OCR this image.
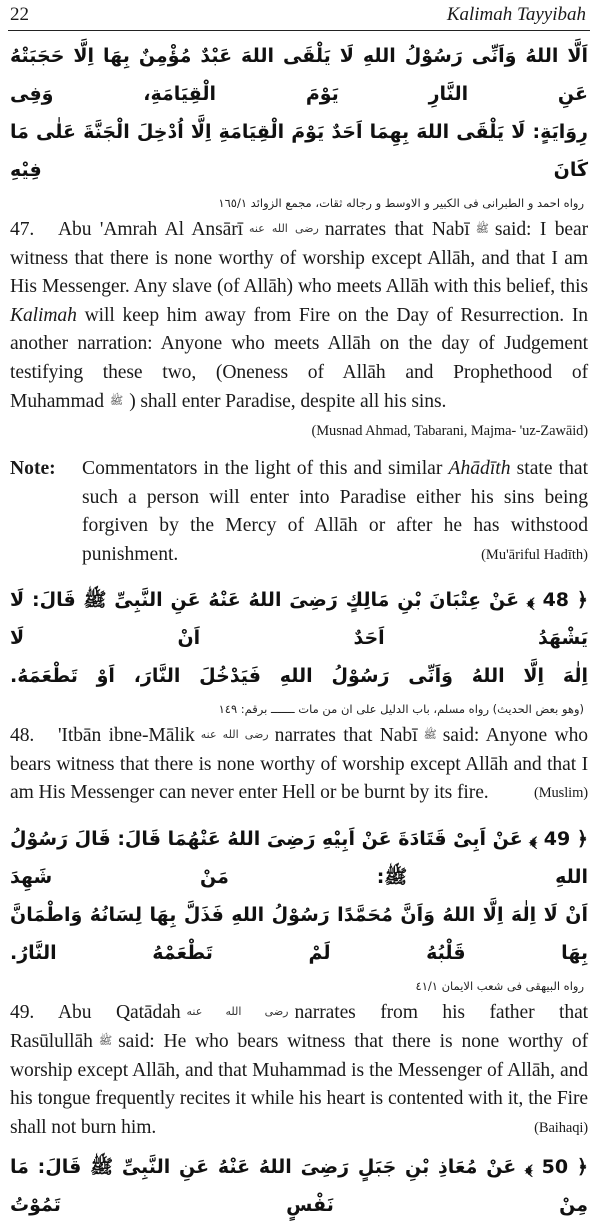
22	Kalimah Tayyibah
اَلَّا اللهُ وَاَنِّی رَسُوْلُ اللهِ لَا یَلْقَی اللهَ عَبْدٌ مُؤْمِنٌ بِهَا اِلَّا حَجَبَتْهُ عَنِ النَّارِ یَوْمَ الْقِیَامَةِ، وَفِی
رِوَایَةٍ: لَا یَلْقَی اللهَ بِهِمَا اَحَدٌ یَوْمَ الْقِیَامَةِ اِلَّا اُدْخِلَ الْجَنَّةَ عَلٰی مَا کَانَ فِیْهِ
رواه احمد و الطبرانی فی الکبیر و الاوسط و رجاله ثقات، مجمع الزوائد ١٦٥/١
47. Abu 'Amrah Al Ansārī رضی الله عنه narrates that Nabī ﷺ said: I bear witness that there is none worthy of worship except Allāh, and that I am His Messenger. Any slave (of Allāh) who meets Allāh with this belief, this Kalimah will keep him away from Fire on the Day of Resurrection. In another narration: Anyone who meets Allāh on the day of Judgement testifying these two, (Oneness of Allāh and Prophethood of Muhammad ﷺ ) shall enter Paradise, despite all his sins.
(Musnad Ahmad, Tabarani, Majma- 'uz-Zawāid)
Note:	Commentators in the light of this and similar Ahādīth state that such a person will enter into Paradise either his sins being forgiven by the Mercy of Allāh or after he has withstood punishment.	(Mu'āriful Hadīth)
﴿ 48 ﴾ عَنْ عِتْبَانَ بْنِ مَالِكٍ رَضِیَ اللهُ عَنْهُ عَنِ النَّبِیِّ ﷺ قَالَ: لَا یَشْهَدُ اَحَدٌ اَنْ لَا
اِلٰهَ اِلَّا اللهُ وَاَنِّی رَسُوْلُ اللهِ فَیَدْخُلَ النَّارَ، اَوْ تَطْعَمَهُ.
(وهو بعض الحدیث) رواه مسلم، باب الدلیل علی ان من مات ـــــــ برقم: ١٤٩
48. 'Itbān ibne-Mālik رضی الله عنه narrates that Nabī ﷺ said: Anyone who bears witness that there is none worthy of worship except Allāh and that I am His Messenger can never enter Hell or be burnt by its fire.	(Muslim)
﴿ 49 ﴾ عَنْ اَبِیْ قَتَادَةَ عَنْ اَبِیْهِ رَضِیَ اللهُ عَنْهُمَا قَالَ: قَالَ رَسُوْلُ اللهِ ﷺ: مَنْ شَهِدَ
اَنْ لَا اِلٰهَ اِلَّا اللهُ وَاَنَّ مُحَمَّدًا رَسُوْلُ اللهِ فَذَلَّ بِهَا لِسَانُهُ وَاطْمَانَّ بِهَا قَلْبُهُ لَمْ تَطْعَمْهُ النَّارُ.
رواه البیهقی فی شعب الایمان ٤١/١
49. Abu Qatādah رضی الله عنه narrates from his father that Rasūlullāh ﷺ said: He who bears witness that there is none worthy of worship except Allāh, and that Muhammad is the Messenger of Allāh, and his tongue frequently recites it while his heart is contented with it, the Fire shall not burn him.	(Baihaqi)
﴿ 50 ﴾ عَنْ مُعَاذِ بْنِ جَبَلٍ رَضِیَ اللهُ عَنْهُ عَنِ النَّبِیِّ ﷺ قَالَ: مَا مِنْ نَفْسٍ تَمُوْتُ
